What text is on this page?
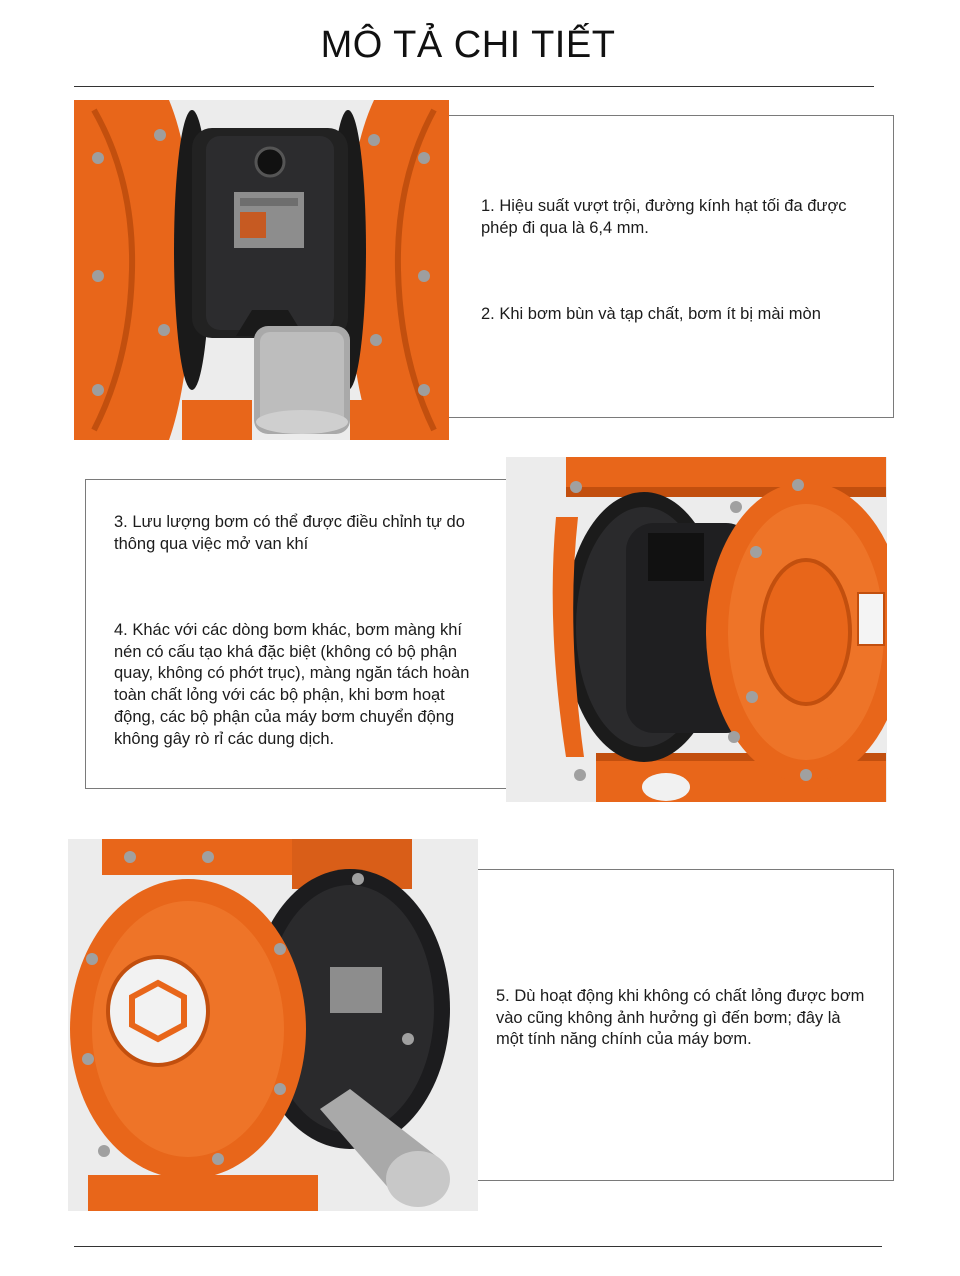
MÔ TẢ CHI TIẾT
1. Hiệu suất vượt trội, đường kính hạt tối đa được phép đi qua là 6,4 mm.
2. Khi bơm bùn và tạp chất, bơm ít bị mài mòn
3. Lưu lượng bơm có thể được điều chỉnh tự do thông qua việc mở van khí
4. Khác với các dòng bơm khác, bơm màng khí nén có cấu tạo khá đặc biệt (không có bộ phận quay, không có phớt trục), màng ngăn tách hoàn toàn chất lỏng với các bộ phận, khi bơm hoạt động, các bộ phận của máy bơm chuyển động không gây rò rỉ các dung dịch.
5. Dù hoạt động khi không có chất lỏng được bơm vào cũng không ảnh hưởng gì đến bơm; đây là một tính năng chính của máy bơm.
